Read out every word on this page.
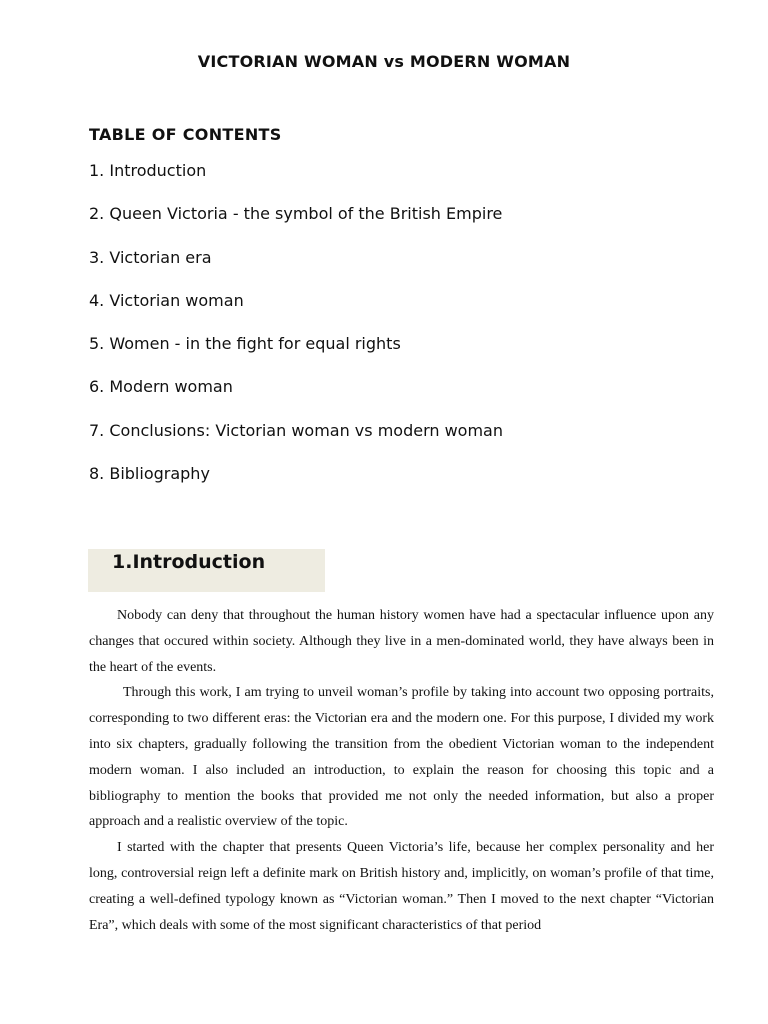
VICTORIAN WOMAN vs MODERN WOMAN
TABLE OF CONTENTS
1. Introduction
2. Queen Victoria - the symbol of the British Empire
3. Victorian era
4. Victorian woman
5. Women - in the fight for equal rights
6. Modern woman
7. Conclusions: Victorian woman vs modern woman
8. Bibliography
1.Introduction

Nobody can deny that throughout the human history women have had a spectacular influence upon any changes that occured within society. Although they live in a men-dominated world, they have always been in the heart of the events.

Through this work, I am trying to unveil woman’s profile by taking into account two opposing portraits, corresponding to two different eras: the Victorian era and the modern one. For this purpose, I divided my work into six chapters, gradually following the transition from the obedient Victorian woman to the independent modern woman. I also included an introduction, to explain the reason for choosing this topic and a bibliography to mention the books that provided me not only the needed information, but also a proper approach and a realistic overview of the topic.

I started with the chapter that presents Queen Victoria’s life, because her complex personality and her long, controversial reign left a definite mark on British history and, implicitly, on woman’s profile of that time, creating a well-defined typology known as “Victorian woman.” Then I moved to the next chapter “Victorian Era”, which deals with some of the most significant characteristics of that period
